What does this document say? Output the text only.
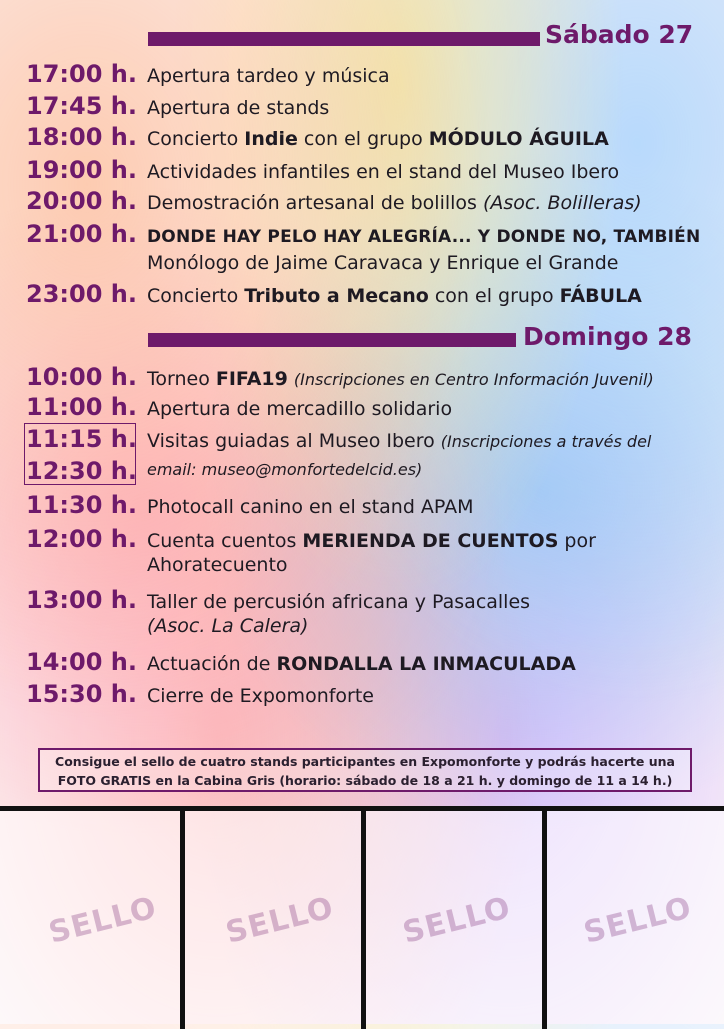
Sábado 27
17:00 h. Apertura tardeo y música
17:45 h. Apertura de stands
18:00 h. Concierto Indie con el grupo MÓDULO ÁGUILA
19:00 h. Actividades infantiles en el stand del Museo Ibero
20:00 h. Demostración artesanal de bolillos (Asoc. Bolilleras)
21:00 h. DONDE HAY PELO HAY ALEGRÍA... Y DONDE NO, TAMBIÉN
Monólogo de Jaime Caravaca y Enrique el Grande
23:00 h. Concierto Tributo a Mecano con el grupo FÁBULA
Domingo 28
10:00 h. Torneo FIFA19 (Inscripciones en Centro Información Juvenil)
11:00 h. Apertura de mercadillo solidario
11:15 h.
12:30 h.
Visitas guiadas al Museo Ibero (Inscripciones a través del
email: museo@monfortedelcid.es)
11:30 h. Photocall canino en el stand APAM
12:00 h. Cuenta cuentos MERIENDA DE CUENTOS por
Ahoratecuento
13:00 h. Taller de percusión africana y Pasacalles
(Asoc. La Calera)
14:00 h. Actuación de RONDALLA LA INMACULADA
15:30 h. Cierre de Expomonforte
Consigue el sello de cuatro stands participantes en Expomonforte y podrás hacerte una
FOTO GRATIS en la Cabina Gris (horario: sábado de 18 a 21 h. y domingo de 11 a 14 h.)
SELLO SELLO SELLO SELLO
